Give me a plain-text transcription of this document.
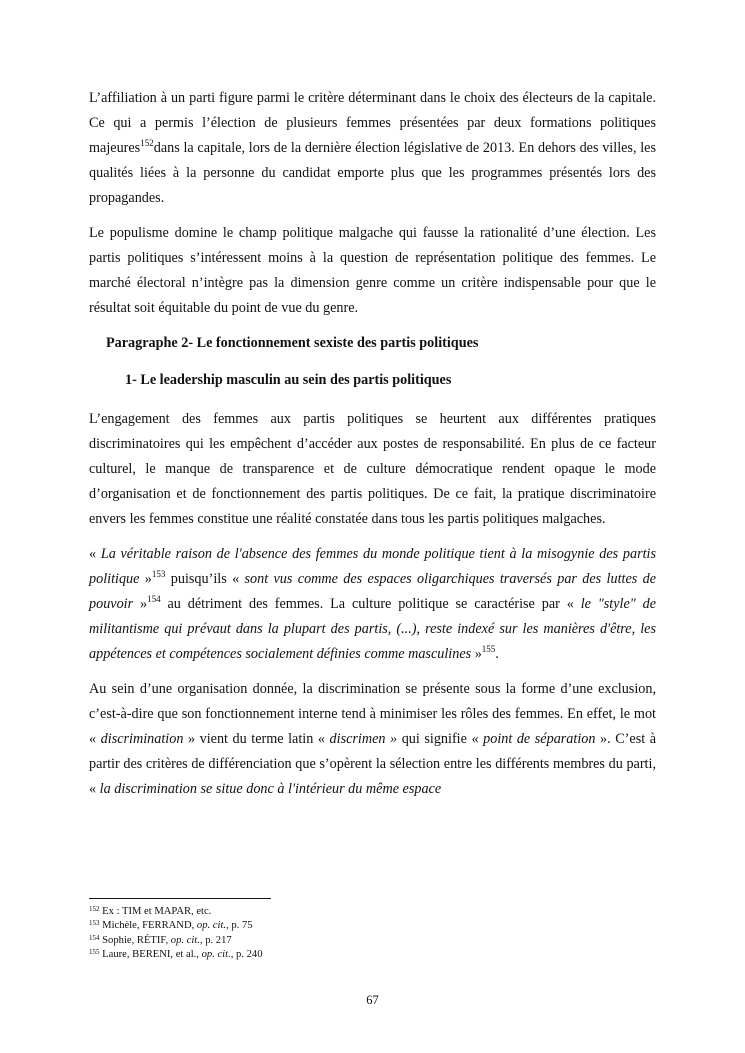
L’affiliation à un parti figure parmi le critère déterminant dans le choix des électeurs de la capitale. Ce qui a permis l’élection de plusieurs femmes présentées par deux formations politiques majeures$^{152}$dans la capitale, lors de la dernière élection législative de 2013. En dehors des villes, les qualités liées à la personne du candidat emporte plus que les programmes présentés lors des propagandes.

Le populisme domine le champ politique malgache qui fausse la rationalité d’une élection. Les partis politiques s’intéressent moins à la question de représentation politique des femmes. Le marché électoral n’intègre pas la dimension genre comme un critère indispensable pour que le résultat soit équitable du point de vue du genre.

Paragraphe 2- Le fonctionnement sexiste des partis politiques
1- Le leadership masculin au sein des partis politiques

L’engagement des femmes aux partis politiques se heurtent aux différentes pratiques discriminatoires qui les empêchent d’accéder aux postes de responsabilité. En plus de ce facteur culturel, le manque de transparence et de culture démocratique rendent opaque le mode d’organisation et de fonctionnement des partis politiques. De ce fait, la pratique discriminatoire envers les femmes constitue une réalité constatée dans tous les partis politiques malgaches.

« La véritable raison de l'absence des femmes du monde politique tient à la misogynie des partis politique »$^{153}$ puisqu’ils « sont vus comme des espaces oligarchiques traversés par des luttes de pouvoir »$^{154}$ au détriment des femmes. La culture politique se caractérise par « le "style" de militantisme qui prévaut dans la plupart des partis, (...), reste indexé sur les manières d'être, les appétences et compétences socialement définies comme masculines »$^{155}$.

Au sein d’une organisation donnée, la discrimination se présente sous la forme d’une exclusion, c’est-à-dire que son fonctionnement interne tend à minimiser les rôles des femmes. En effet, le mot « discrimination » vient du terme latin « discrimen » qui signifie « point de séparation ». C’est à partir des critères de différenciation que s’opèrent la sélection entre les différents membres du parti, « la discrimination se situe donc à l'intérieur du même espace

$^{152}$ Ex : TIM et MAPAR, etc.
$^{153}$ Michèle, FERRAND, op. cit., p. 75
$^{154}$ Sophie, RÉTIF, op. cit., p. 217
$^{155}$ Laure, BERENI, et al., op. cit., p. 240
67
